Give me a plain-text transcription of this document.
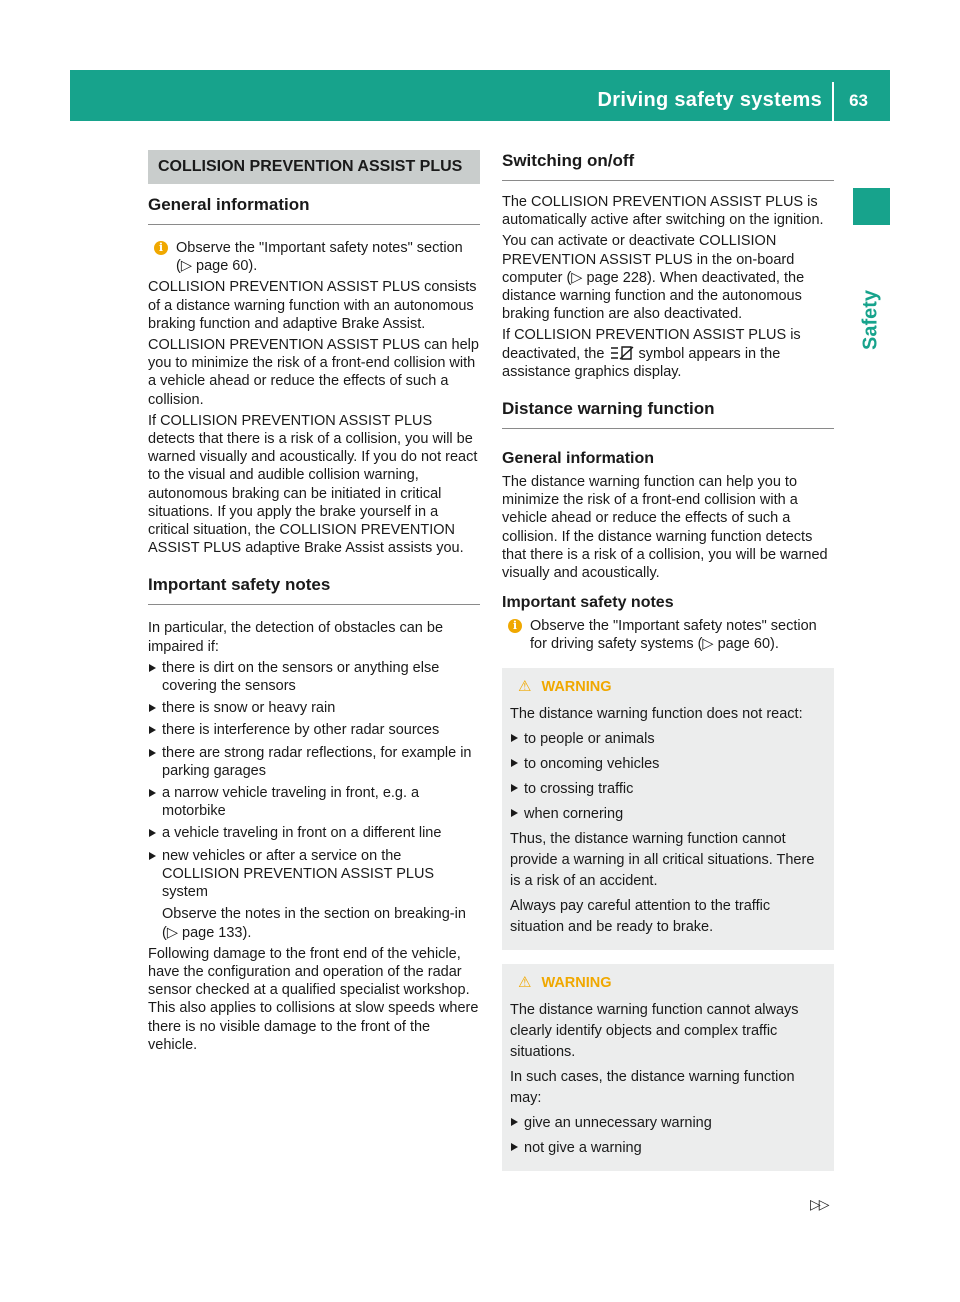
Driving safety systems 63
Safety
COLLISION PREVENTION ASSIST PLUS
General information
i Observe the "Important safety notes" section (▷ page 60).

COLLISION PREVENTION ASSIST PLUS consists of a distance warning function with an autonomous braking function and adaptive Brake Assist.

COLLISION PREVENTION ASSIST PLUS can help you to minimize the risk of a front-end collision with a vehicle ahead or reduce the effects of such a collision.

If COLLISION PREVENTION ASSIST PLUS detects that there is a risk of a collision, you will be warned visually and acoustically. If you do not react to the visual and audible collision warning, autonomous braking can be initiated in critical situations. If you apply the brake yourself in a critical situation, the COLLISION PREVENTION ASSIST PLUS adaptive Brake Assist assists you.

Important safety notes

In particular, the detection of obstacles can be impaired if:

there is dirt on the sensors or anything else covering the sensors
there is snow or heavy rain
there is interference by other radar sources
there are strong radar reflections, for example in parking garages
a narrow vehicle traveling in front, e.g. a motorbike
a vehicle traveling in front on a different line
new vehicles or after a service on the COLLISION PREVENTION ASSIST PLUS system

Observe the notes in the section on breaking-in (▷ page 133).

Following damage to the front end of the vehicle, have the configuration and operation of the radar sensor checked at a qualified specialist workshop. This also applies to collisions at slow speeds where there is no visible damage to the front of the vehicle.

Switching on/off

The COLLISION PREVENTION ASSIST PLUS is automatically active after switching on the ignition.

You can activate or deactivate COLLISION PREVENTION ASSIST PLUS in the on-board computer (▷ page 228). When deactivated, the distance warning function and the autonomous braking function are also deactivated.

If COLLISION PREVENTION ASSIST PLUS is deactivated, the symbol appears in the assistance graphics display.

Distance warning function
General information

The distance warning function can help you to minimize the risk of a front-end collision with a vehicle ahead or reduce the effects of such a collision. If the distance warning function detects that there is a risk of a collision, you will be warned visually and acoustically.

Important safety notes
i Observe the "Important safety notes" section for driving safety systems (▷ page 60).

⚠ WARNING

The distance warning function does not react:

to people or animals
to oncoming vehicles
to crossing traffic
when cornering

Thus, the distance warning function cannot provide a warning in all critical situations. There is a risk of an accident.

Always pay careful attention to the traffic situation and be ready to brake.

⚠ WARNING

The distance warning function cannot always clearly identify objects and complex traffic situations.

In such cases, the distance warning function may:

give an unnecessary warning
not give a warning
▷▷
